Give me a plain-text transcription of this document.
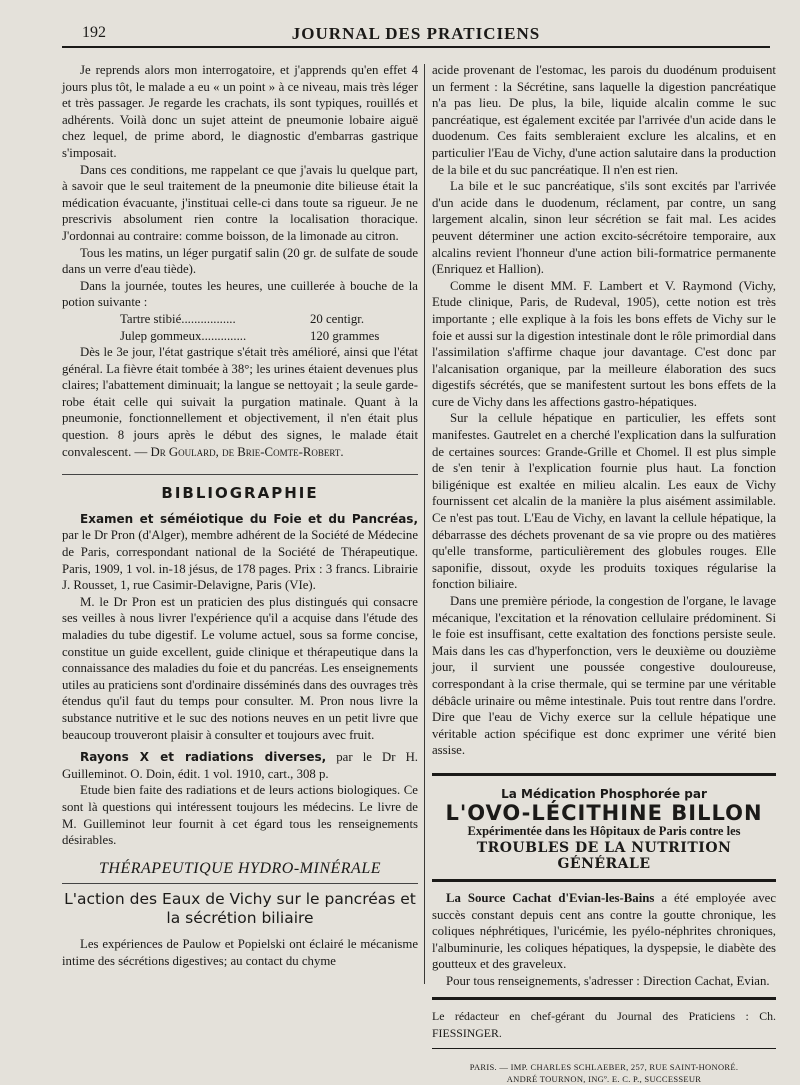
192	JOURNAL DES PRATICIENS

Je reprends alors mon interrogatoire, et j'apprends qu'en effet 4 jours plus tôt, le malade a eu « un point » à ce niveau, mais très léger et très passager. Je regarde les crachats, ils sont typiques, rouillés et adhérents. Voilà donc un sujet atteint de pneumonie lobaire aiguë chez lequel, de prime abord, le diagnostic d'embarras gastrique s'imposait.

Dans ces conditions, me rappelant ce que j'avais lu quelque part, à savoir que le seul traitement de la pneumonie dite bilieuse était la médication évacuante, j'instituai celle-ci dans toute sa rigueur. Je ne prescrivis absolument rien contre la localisation thoracique. J'ordonnai au contraire: comme boisson, de la limonade au citron.

Tous les matins, un léger purgatif salin (20 gr. de sulfate de soude dans un verre d'eau tiède).

Dans la journée, toutes les heures, une cuillerée à bouche de la potion suivante :

Tartre stibié.................	20 centigr.
Julep gommeux..............	120 grammes

Dès le 3e jour, l'état gastrique s'était très amélioré, ainsi que l'état général. La fièvre était tombée à 38°; les urines étaient devenues plus claires; l'abattement diminuait; la langue se nettoyait ; la seule garde-robe était celle qui suivait la purgation matinale. Quant à la pneumonie, fonctionnellement et objectivement, il n'en était plus question. 8 jours après le début des signes, le malade était convalescent. — Dr Goulard, de Brie-Comte-Robert.

BIBLIOGRAPHIE

Examen et séméiotique du Foie et du Pancréas, par le Dr Pron (d'Alger), membre adhérent de la Société de Médecine de Paris, correspondant national de la Société de Thérapeutique. Paris, 1909, 1 vol. in-18 jésus, de 178 pages. Prix : 3 francs. Librairie J. Rousset, 1, rue Casimir-Delavigne, Paris (VIe).

M. le Dr Pron est un praticien des plus distingués qui consacre ses veilles à nous livrer l'expérience qu'il a acquise dans l'étude des maladies du tube digestif. Le volume actuel, sous sa forme concise, constitue un guide excellent, guide clinique et thérapeutique dans la connaissance des maladies du foie et du pancréas. Les enseignements utiles au praticiens sont d'ordinaire disséminés dans des ouvrages très étendus qu'il faut du temps pour consulter. M. Pron nous livre la substance nutritive et le suc des notions neuves en un petit livre que beaucoup trouveront plaisir à consulter et toujours avec fruit.

Rayons X et radiations diverses, par le Dr H. Guilleminot. O. Doin, édit. 1 vol. 1910, cart., 308 p.

Etude bien faite des radiations et de leurs actions biologiques. Ce sont là questions qui intéressent toujours les médecins. Le livre de M. Guilleminot leur fournit à cet égard tous les renseignements désirables.

THÉRAPEUTIQUE HYDRO-MINÉRALE
L'action des Eaux de Vichy sur le pancréas et la sécrétion biliaire

Les expériences de Paulow et Popielski ont éclairé le mécanisme intime des sécrétions digestives; au contact du chyme

acide provenant de l'estomac, les parois du duodénum produisent un ferment : la Sécrétine, sans laquelle la digestion pancréatique n'a pas lieu. De plus, la bile, liquide alcalin comme le suc pancréatique, est également excitée par l'arrivée d'un acide dans le duodenum. Ces faits sembleraient exclure les alcalins, et en particulier l'Eau de Vichy, d'une action salutaire dans la production de la bile et du suc pancréatique. Il n'en est rien.

La bile et le suc pancréatique, s'ils sont excités par l'arrivée d'un acide dans le duodenum, réclament, par contre, un sang largement alcalin, sinon leur sécrétion se fait mal. Les acides peuvent déterminer une action excito-sécrétoire temporaire, aux alcalins revient l'honneur d'une action bili-formatrice permanente (Enriquez et Hallion).

Comme le disent MM. F. Lambert et V. Raymond (Vichy, Etude clinique, Paris, de Rudeval, 1905), cette notion est très importante ; elle explique à la fois les bons effets de Vichy sur le foie et aussi sur la digestion intestinale dont le rôle primordial dans l'assimilation s'affirme chaque jour davantage. C'est donc par l'alcanisation organique, par la meilleure élaboration des sucs digestifs sécrétés, que se manifestent surtout les bons effets de la cure de Vichy dans les affections gastro-hépatiques.

Sur la cellule hépatique en particulier, les effets sont manifestes. Gautrelet en a cherché l'explication dans la sulfuration de certaines sources: Grande-Grille et Chomel. Il est plus simple de s'en tenir à l'explication fournie plus haut. La fonction biligénique est exaltée en milieu alcalin. Les eaux de Vichy fournissent cet alcalin de la manière la plus aisément assimilable. Ce n'est pas tout. L'Eau de Vichy, en lavant la cellule hépatique, la débarrasse des déchets provenant de sa vie propre ou des matières qu'elle transforme, particulièrement des globules rouges. Elle saponifie, dissout, oxyde les produits toxiques régularise la fonction biliaire.

Dans une première période, la congestion de l'organe, le lavage mécanique, l'excitation et la rénovation cellulaire prédominent. Si le foie est insuffisant, cette exaltation des fonctions persiste seule. Mais dans les cas d'hyperfonction, vers le deuxième ou douzième jour, il survient une poussée congestive douloureuse, correspondant à la crise thermale, qui se termine par une véritable débâcle urinaire ou même intestinale. Puis tout rentre dans l'ordre. Dire que l'eau de Vichy exerce sur la cellule hépatique une véritable action spécifique est donc exprimer une vérité bien assise.

La Médication Phosphorée par
L'OVO-LÉCITHINE BILLON
Expérimentée dans les Hôpitaux de Paris contre les
TROUBLES DE LA NUTRITION GÉNÉRALE

La Source Cachat d'Evian-les-Bains a été employée avec succès constant depuis cent ans contre la goutte chronique, les coliques néphrétiques, l'uricémie, les pyélo-néphrites chroniques, l'albuminurie, les coliques hépatiques, la dyspepsie, le diabète des goutteux et des graveleux.

Pour tous renseignements, s'adresser : Direction Cachat, Evian.

Le rédacteur en chef-gérant du Journal des Praticiens : Ch. FIESSINGER.
PARIS. — IMP. CHARLES SCHLAEBER, 257, RUE SAINT-HONORÉ.
ANDRÉ TOURNON, INGº. E. C. P., SUCCESSEUR
